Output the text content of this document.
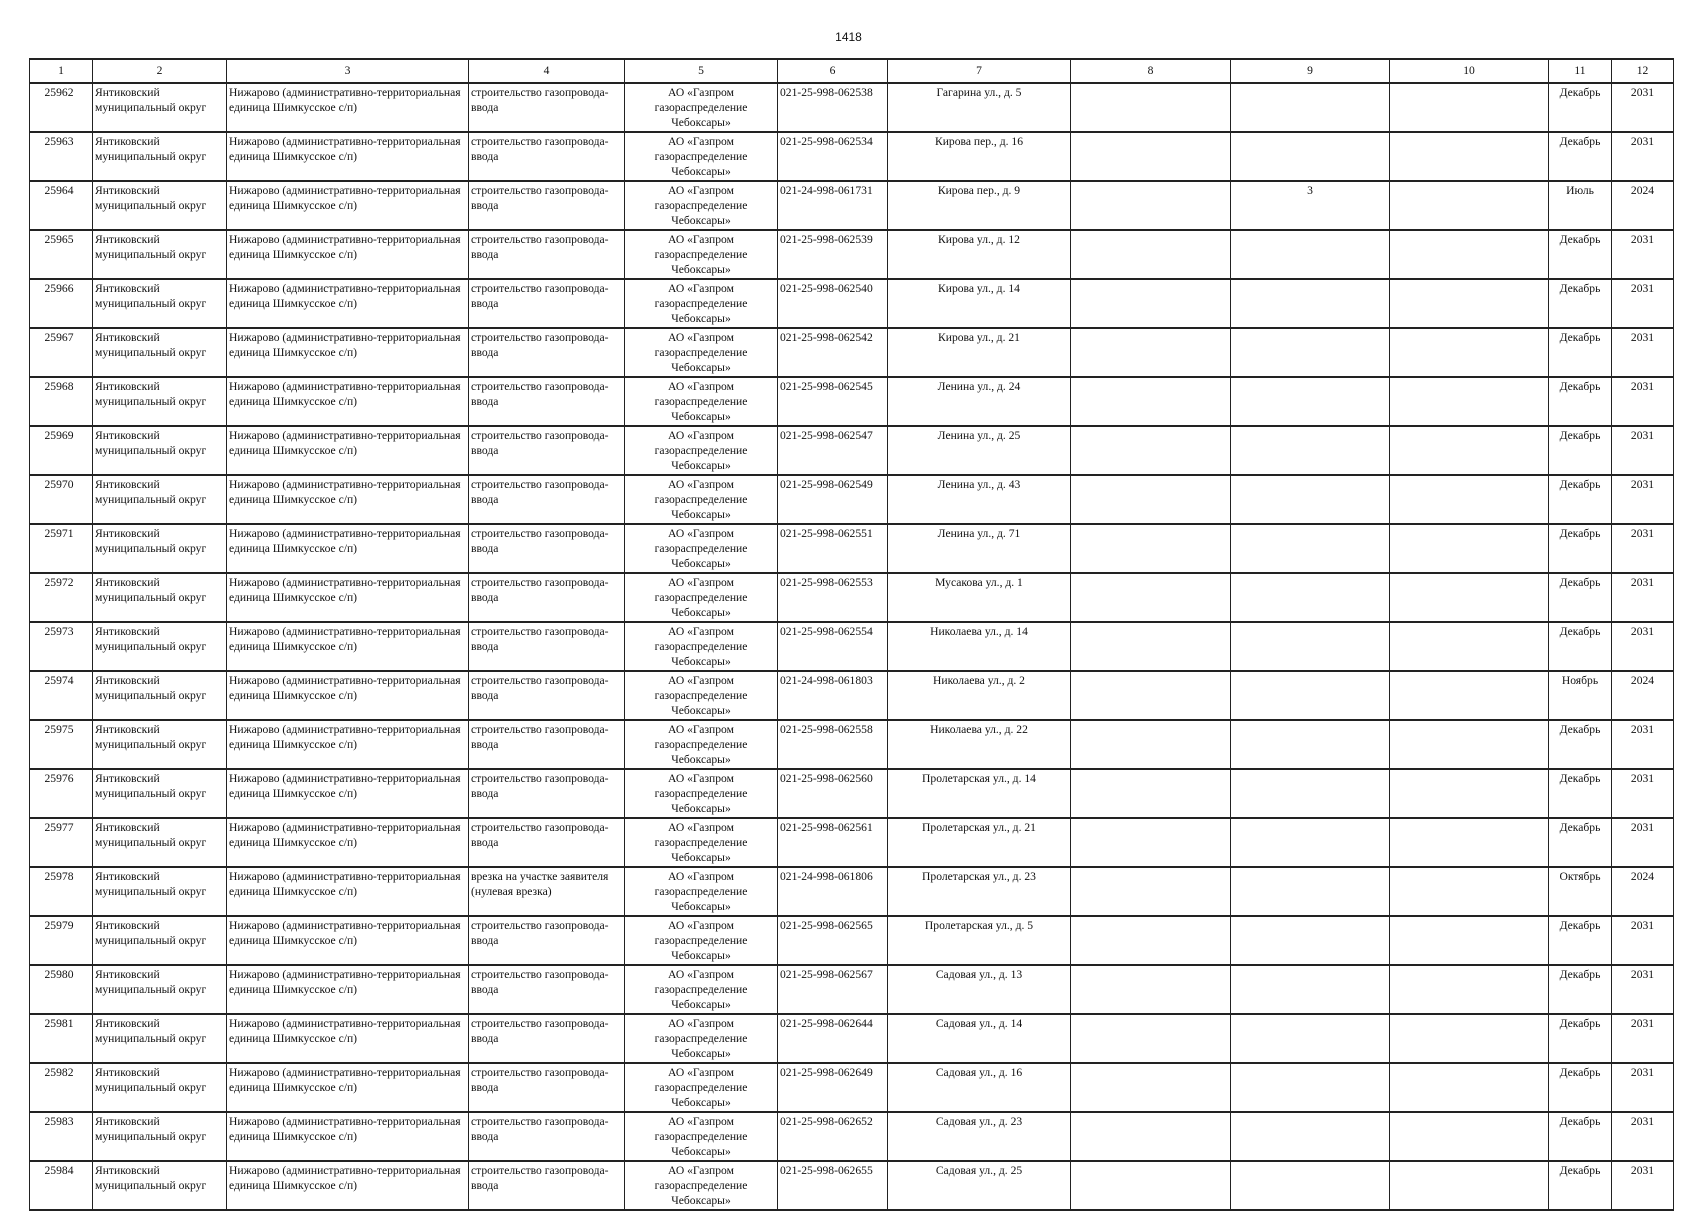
1418
1	2	3	4	5	6	7	8	9	10	11	12
25962	Янтиковский муниципальный округ	Нижарово (административно-территориальная единица Шимкусское с/п)	строительство газопровода-ввода	АО «Газпром газораспределение Чебоксары»	021-25-998-062538	Гагарина ул., д. 5				Декабрь	2031
25963	Янтиковский муниципальный округ	Нижарово (административно-территориальная единица Шимкусское с/п)	строительство газопровода-ввода	АО «Газпром газораспределение Чебоксары»	021-25-998-062534	Кирова пер., д. 16				Декабрь	2031
25964	Янтиковский муниципальный округ	Нижарово (административно-территориальная единица Шимкусское с/п)	строительство газопровода-ввода	АО «Газпром газораспределение Чебоксары»	021-24-998-061731	Кирова пер., д. 9		3		Июль	2024
25965	Янтиковский муниципальный округ	Нижарово (административно-территориальная единица Шимкусское с/п)	строительство газопровода-ввода	АО «Газпром газораспределение Чебоксары»	021-25-998-062539	Кирова ул., д. 12				Декабрь	2031
25966	Янтиковский муниципальный округ	Нижарово (административно-территориальная единица Шимкусское с/п)	строительство газопровода-ввода	АО «Газпром газораспределение Чебоксары»	021-25-998-062540	Кирова ул., д. 14				Декабрь	2031
25967	Янтиковский муниципальный округ	Нижарово (административно-территориальная единица Шимкусское с/п)	строительство газопровода-ввода	АО «Газпром газораспределение Чебоксары»	021-25-998-062542	Кирова ул., д. 21				Декабрь	2031
25968	Янтиковский муниципальный округ	Нижарово (административно-территориальная единица Шимкусское с/п)	строительство газопровода-ввода	АО «Газпром газораспределение Чебоксары»	021-25-998-062545	Ленина ул., д. 24				Декабрь	2031
25969	Янтиковский муниципальный округ	Нижарово (административно-территориальная единица Шимкусское с/п)	строительство газопровода-ввода	АО «Газпром газораспределение Чебоксары»	021-25-998-062547	Ленина ул., д. 25				Декабрь	2031
25970	Янтиковский муниципальный округ	Нижарово (административно-территориальная единица Шимкусское с/п)	строительство газопровода-ввода	АО «Газпром газораспределение Чебоксары»	021-25-998-062549	Ленина ул., д. 43				Декабрь	2031
25971	Янтиковский муниципальный округ	Нижарово (административно-территориальная единица Шимкусское с/п)	строительство газопровода-ввода	АО «Газпром газораспределение Чебоксары»	021-25-998-062551	Ленина ул., д. 71				Декабрь	2031
25972	Янтиковский муниципальный округ	Нижарово (административно-территориальная единица Шимкусское с/п)	строительство газопровода-ввода	АО «Газпром газораспределение Чебоксары»	021-25-998-062553	Мусакова ул., д. 1				Декабрь	2031
25973	Янтиковский муниципальный округ	Нижарово (административно-территориальная единица Шимкусское с/п)	строительство газопровода-ввода	АО «Газпром газораспределение Чебоксары»	021-25-998-062554	Николаева ул., д. 14				Декабрь	2031
25974	Янтиковский муниципальный округ	Нижарово (административно-территориальная единица Шимкусское с/п)	строительство газопровода-ввода	АО «Газпром газораспределение Чебоксары»	021-24-998-061803	Николаева ул., д. 2				Ноябрь	2024
25975	Янтиковский муниципальный округ	Нижарово (административно-территориальная единица Шимкусское с/п)	строительство газопровода-ввода	АО «Газпром газораспределение Чебоксары»	021-25-998-062558	Николаева ул., д. 22				Декабрь	2031
25976	Янтиковский муниципальный округ	Нижарово (административно-территориальная единица Шимкусское с/п)	строительство газопровода-ввода	АО «Газпром газораспределение Чебоксары»	021-25-998-062560	Пролетарская ул., д. 14				Декабрь	2031
25977	Янтиковский муниципальный округ	Нижарово (административно-территориальная единица Шимкусское с/п)	строительство газопровода-ввода	АО «Газпром газораспределение Чебоксары»	021-25-998-062561	Пролетарская ул., д. 21				Декабрь	2031
25978	Янтиковский муниципальный округ	Нижарово (административно-территориальная единица Шимкусское с/п)	врезка на участке заявителя (нулевая врезка)	АО «Газпром газораспределение Чебоксары»	021-24-998-061806	Пролетарская ул., д. 23				Октябрь	2024
25979	Янтиковский муниципальный округ	Нижарово (административно-территориальная единица Шимкусское с/п)	строительство газопровода-ввода	АО «Газпром газораспределение Чебоксары»	021-25-998-062565	Пролетарская ул., д. 5				Декабрь	2031
25980	Янтиковский муниципальный округ	Нижарово (административно-территориальная единица Шимкусское с/п)	строительство газопровода-ввода	АО «Газпром газораспределение Чебоксары»	021-25-998-062567	Садовая ул., д. 13				Декабрь	2031
25981	Янтиковский муниципальный округ	Нижарово (административно-территориальная единица Шимкусское с/п)	строительство газопровода-ввода	АО «Газпром газораспределение Чебоксары»	021-25-998-062644	Садовая ул., д. 14				Декабрь	2031
25982	Янтиковский муниципальный округ	Нижарово (административно-территориальная единица Шимкусское с/п)	строительство газопровода-ввода	АО «Газпром газораспределение Чебоксары»	021-25-998-062649	Садовая ул., д. 16				Декабрь	2031
25983	Янтиковский муниципальный округ	Нижарово (административно-территориальная единица Шимкусское с/п)	строительство газопровода-ввода	АО «Газпром газораспределение Чебоксары»	021-25-998-062652	Садовая ул., д. 23				Декабрь	2031
25984	Янтиковский муниципальный округ	Нижарово (административно-территориальная единица Шимкусское с/п)	строительство газопровода-ввода	АО «Газпром газораспределение Чебоксары»	021-25-998-062655	Садовая ул., д. 25				Декабрь	2031
